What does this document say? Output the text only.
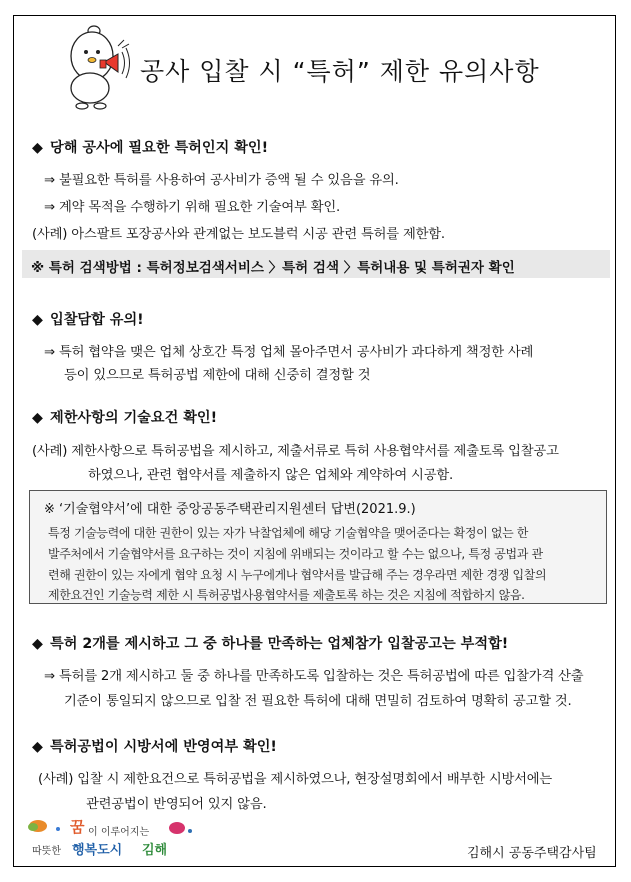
공사 입찰 시 “특허” 제한 유의사항
◆ 당해 공사에 필요한 특허인지 확인!
⇒ 불필요한 특허를 사용하여 공사비가 증액 될 수 있음을 유의.
⇒ 계약 목적을 수행하기 위해 필요한 기술여부 확인.
(사례) 아스팔트 포장공사와 관계없는 보도블럭 시공 관련 특허를 제한함.
※ 특허 검색방법 : 특허정보검색서비스 〉특허 검색 〉특허내용 및 특허권자 확인
◆ 입찰담합 유의!
⇒ 특허 협약을 맺은 업체 상호간 특정 업체 몰아주면서 공사비가 과다하게 책정한 사례
등이 있으므로 특허공법 제한에 대해 신중히 결정할 것
◆ 제한사항의 기술요건 확인!
(사례) 제한사항으로 특허공법을 제시하고, 제출서류로 특허 사용협약서를 제출토록 입찰공고
하였으나, 관련 협약서를 제출하지 않은 업체와 계약하여 시공함.
※ ‘기술협약서’에 대한 중앙공동주택관리지원센터 답변(2021.9.)
특정 기술능력에 대한 권한이 있는 자가 낙찰업체에 해당 기술협약을 맺어준다는 확정이 없는 한
발주처에서 기술협약서를 요구하는 것이 지침에 위배되는 것이라고 할 수는 없으나, 특정 공법과 관
련해 권한이 있는 자에게 협약 요청 시 누구에게나 협약서를 발급해 주는 경우라면 제한 경쟁 입찰의
제한요건인 기술능력 제한 시 특허공법사용협약서를 제출토록 하는 것은 지침에 적합하지 않음.
◆ 특허 2개를 제시하고 그 중 하나를 만족하는 업체참가 입찰공고는 부적합!
⇒ 특허를 2개 제시하고 둘 중 하나를 만족하도록 입찰하는 것은 특허공법에 따른 입찰가격 산출
기준이 통일되지 않으므로 입찰 전 필요한 특허에 대해 면밀히 검토하여 명확히 공고할 것.
◆ 특허공법이 시방서에 반영여부 확인!
(사례) 입찰 시 제한요건으로 특허공법을 제시하였으나, 현장설명회에서 배부한 시방서에는
관련공법이 반영되어 있지 않음.
꿈 이 이루어지는
따뜻한 행복도시 김해	김해시 공동주택감사팀
